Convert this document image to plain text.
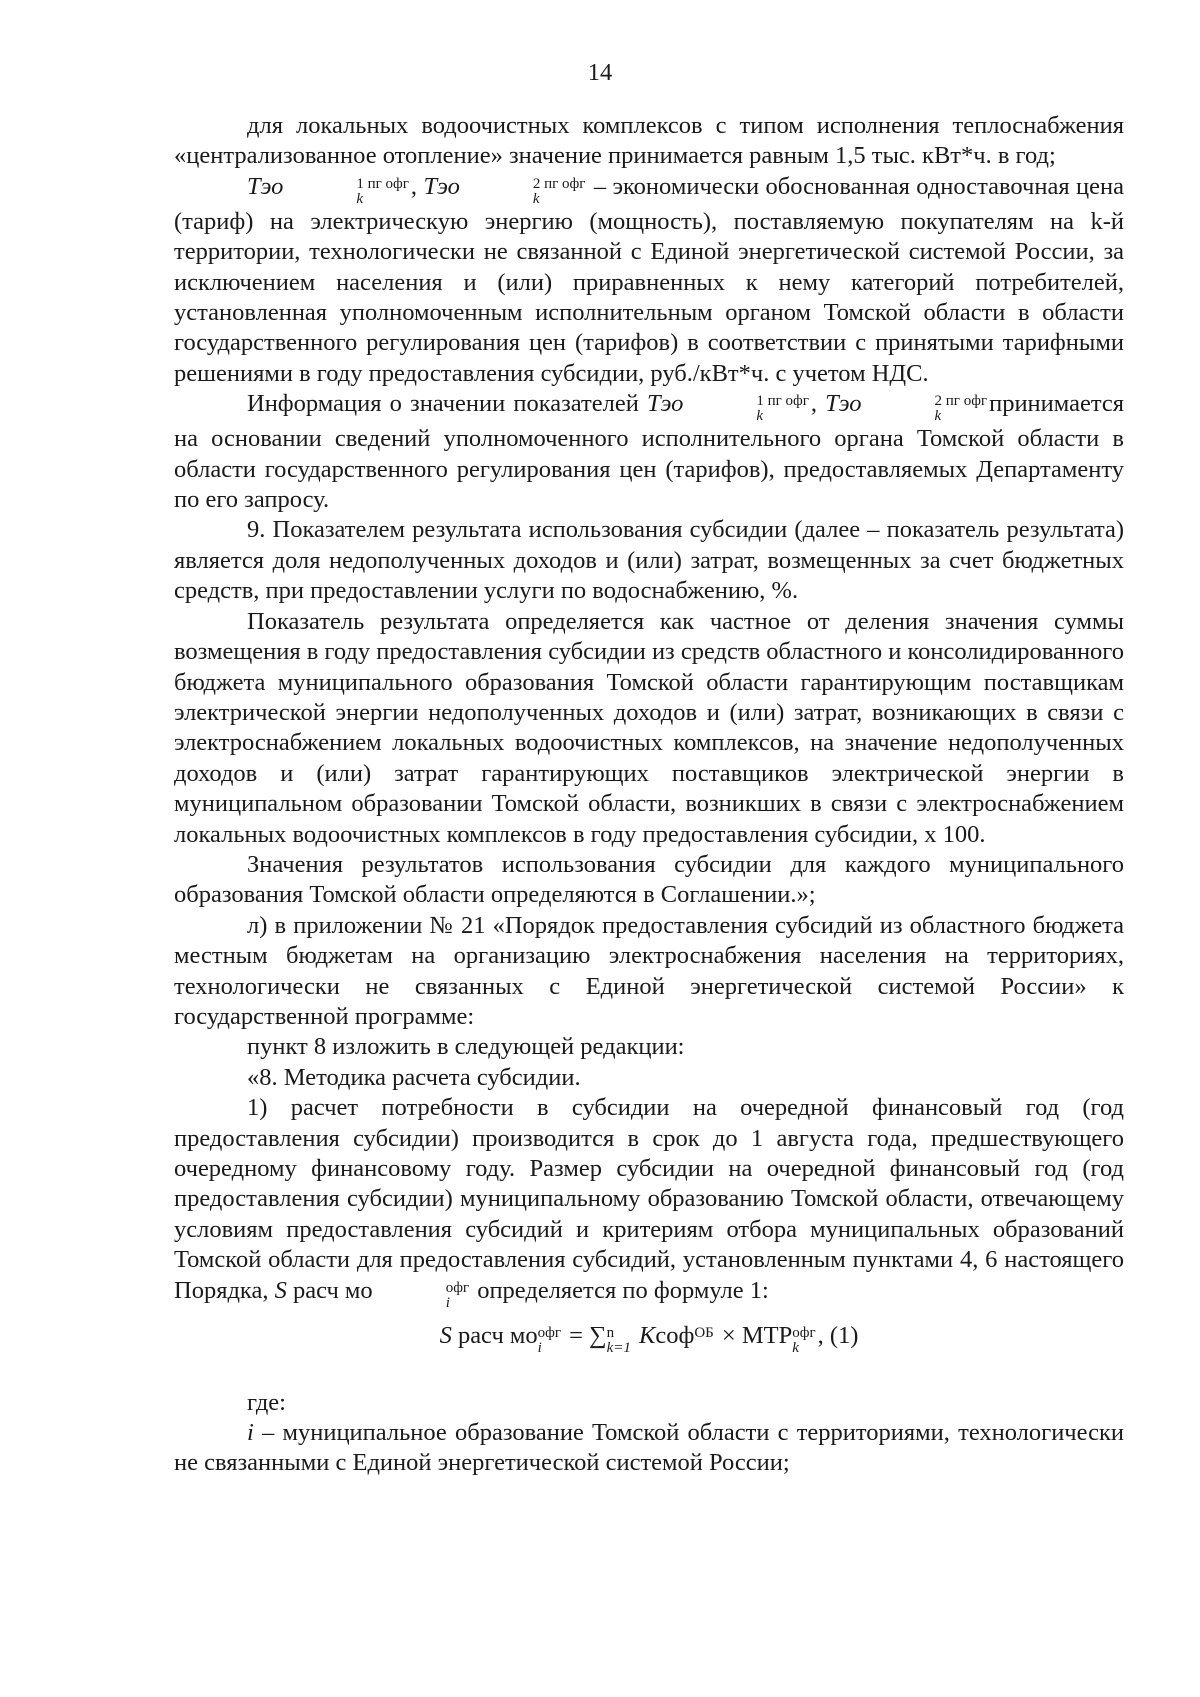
14

для локальных водоочистных комплексов с типом исполнения теплоснабжения «централизованное отопление» значение принимается равным 1,5 тыс. кВт*ч. в год;

Тэо	1 пг офг
k	, Тэо	2 пг офг
k	– экономически обоснованная одноставочная цена (тариф) на электрическую энергию (мощность), поставляемую покупателям на k-й территории, технологически не связанной с Единой энергетической системой России, за исключением населения и (или) приравненных к нему категорий потребителей, установленная уполномоченным исполнительным органом Томской области в области государственного регулирования цен (тарифов) в соответствии с принятыми тарифными решениями в году предоставления субсидии, руб./кВт*ч. с учетом НДС.

Информация о значении показателей Тэо	1 пг офг
k	, Тэо	2 пг офг
k	принимается на основании сведений уполномоченного исполнительного органа Томской области в области государственного регулирования цен (тарифов), предоставляемых Департаменту по его запросу.

9. Показателем результата использования субсидии (далее – показатель результата) является доля недополученных доходов и (или) затрат, возмещенных за счет бюджетных средств, при предоставлении услуги по водоснабжению, %.

Показатель результата определяется как частное от деления значения суммы возмещения в году предоставления субсидии из средств областного и консолидированного бюджета муниципального образования Томской области гарантирующим поставщикам электрической энергии недополученных доходов и (или) затрат, возникающих в связи с электроснабжением локальных водоочистных комплексов, на значение недополученных доходов и (или) затрат гарантирующих поставщиков электрической энергии в муниципальном образовании Томской области, возникших в связи с электроснабжением локальных водоочистных комплексов в году предоставления субсидии, х 100.

Значения результатов использования субсидии для каждого муниципального образования Томской области определяются в Соглашении.»;

л) в приложении № 21 «Порядок предоставления субсидий из областного бюджета местным бюджетам на организацию электроснабжения населения на территориях, технологически не связанных с Единой энергетической системой России» к государственной программе:

пункт 8 изложить в следующей редакции:

«8. Методика расчета субсидии.

1) расчет потребности в субсидии на очередной финансовый год (год предоставления субсидии) производится в срок до 1 августа года, предшествующего очередному финансовому году. Размер субсидии на очередной финансовый год (год предоставления субсидии) муниципальному образованию Томской области, отвечающему условиям предоставления субсидий и критериям отбора муниципальных образований Томской области для предоставления субсидий, установленным пунктами 4, 6 настоящего Порядка, S расч мо	офг
i определяется по формуле 1:

S расч мо офг
i = ∑ n
k=1 Kсоф ОБ
× МТР офг
k , (1)

где:

i – муниципальное образование Томской области с территориями, технологически не связанными с Единой энергетической системой России;
